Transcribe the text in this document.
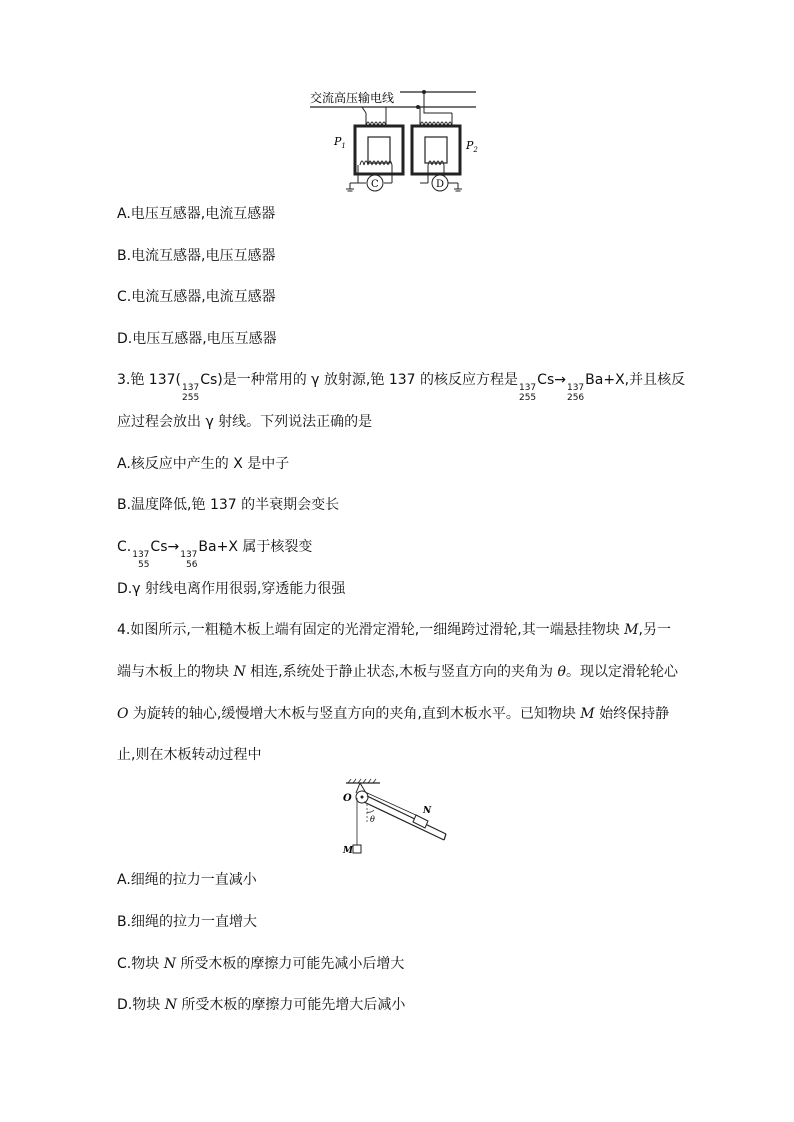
交流高压输电线
C
$P_1$
D
$P_2$
A.电压互感器,电流互感器
B.电流互感器,电压互感器
C.电流互感器,电流互感器
D.电压互感器,电压互感器
3.铯 137( 137
255
Cs)是一种常用的 γ 放射源,铯 137 的核反应方程是 137
255
Cs→ 137
256
Ba+X,并且核反
应过程会放出 γ 射线。下列说法正确的是
A.核反应中产生的 X 是中子
B.温度降低,铯 137 的半衰期会变长
C. 137
55
Cs→ 137
56
Ba+X 属于核裂变
D.γ 射线电离作用很弱,穿透能力很强
4.如图所示,一粗糙木板上端有固定的光滑定滑轮,一细绳跨过滑轮,其一端悬挂物块 M,另一
端与木板上的物块 N 相连,系统处于静止状态,木板与竖直方向的夹角为 θ。现以定滑轮轮心
O 为旋转的轴心,缓慢增大木板与竖直方向的夹角,直到木板水平。已知物块 M 始终保持静
止,则在木板转动过程中
O
N
M
θ
A.细绳的拉力一直减小
B.细绳的拉力一直增大
C.物块 N 所受木板的摩擦力可能先减小后增大
D.物块 N 所受木板的摩擦力可能先增大后减小
